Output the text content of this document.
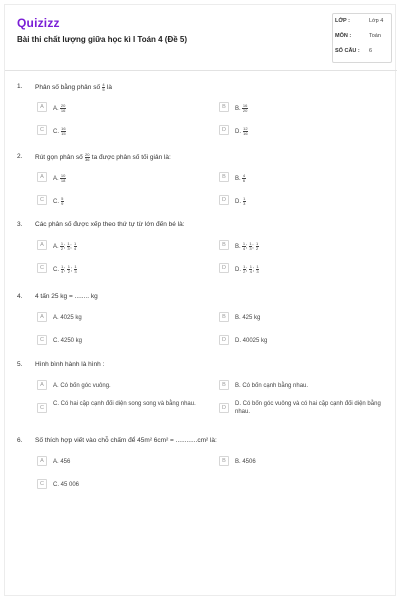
Quizizz
Bài thi chất lượng giữa học kì I Toán 4 (Đề 5)
LỚP :	Lớp 4
MÔN :	Toán
SỐ CÂU : 6
1. Phân số bằng phân số $\frac{4}{5}$ là
A	A. $\frac{20}{16}$	B	B. $\frac{16}{20}$
C	C. $\frac{16}{15}$	D	D. $\frac{12}{16}$
2. Rút gọn phân số $\frac{20}{36}$ ta được phân số tối giản là:
A	A. $\frac{10}{18}$	B	B. $\frac{4}{6}$
C	C. $\frac{5}{9}$	D	D. $\frac{1}{3}$
3. Các phân số được xếp theo thứ tự từ lớn đến bé là:
A	A. $\frac{1}{2}$ ; $\frac{1}{3}$ ; $\frac{1}{4}$	B	B. $\frac{1}{4}$ ; $\frac{1}{3}$ ; $\frac{1}{2}$
C	C. $\frac{1}{4}$ ; $\frac{1}{2}$ ; $\frac{1}{3}$	D	D. $\frac{1}{2}$ ; $\frac{1}{4}$ ; $\frac{1}{3}$
4. 4 tấn 25 kg = ........ kg
A	A. 4025 kg	B	B. 425 kg
C	C. 4250 kg	D	D. 40025 kg
5. Hình bình hành là hình :
A	A. Có bốn góc vuông.	B	B. Có bốn cạnh bằng nhau.
C
C. Có hai cặp cạnh đối diện song song và bằng nhau.
D
D. Có bốn góc vuông và có hai cặp cạnh đối diện bằng nhau.
6. Số thích hợp viết vào chỗ chấm để 45m² 6cm² = ............cm² là:
A	A. 456	B	B. 4506
C	C. 45 006
